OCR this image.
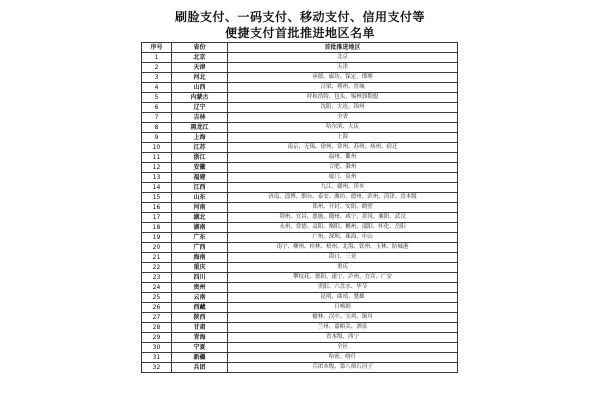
刷脸支付、一码支付、移动支付、信用支付等
便捷支付首批推进地区名单
序号	省份	首批推进地区
1	北京	北京
2	天津	天津
3	河北	承德、廊坊、保定、邯郸
4	山西	吕梁、朔州、晋城
5	内蒙古	呼和浩特、包头、锡林郭勒盟
6	辽宁	沈阳、大连、锦州
7	吉林	全省
8	黑龙江	哈尔滨、大庆
9	上海	上海
10	江苏	南京、无锡、徐州、常州、苏州、扬州、宿迁
11	浙江	温州、衢州
12	安徽	合肥、滁州
13	福建	厦门、泉州
14	江西	九江、赣州、萍乡
15	山东	济南、淄博、烟台、泰安、潍坊、德州、滨州、菏泽、省本级
16	河南	郑州、开封、安阳、鹤壁
17	湖北	荆州、宜昌、恩施、随州、咸宁、黄冈、襄阳、武汉
18	湖南	永州、常德、益阳、衡阳、郴州、邵阳、怀化、岳阳
19	广东	广州、深圳、珠海、中山
20	广西	南宁、柳州、桂林、梧州、北海、钦州、玉林、防城港
21	海南	海口、三亚
22	重庆	重庆
23	四川	攀枝花、德阳、遂宁、泸州、宜宾、广安
24	贵州	贵阳、六盘水、毕节
25	云南	昆明、曲靖、楚雄
26	西藏	日喀则
27	陕西	榆林、汉中、宝鸡、铜川
28	甘肃	兰州、嘉峪关、酒泉
29	青海	省本级、西宁
30	宁夏	全区
31	新疆	哈密、喀什
32	兵团	兵团本级、第八师石河子
